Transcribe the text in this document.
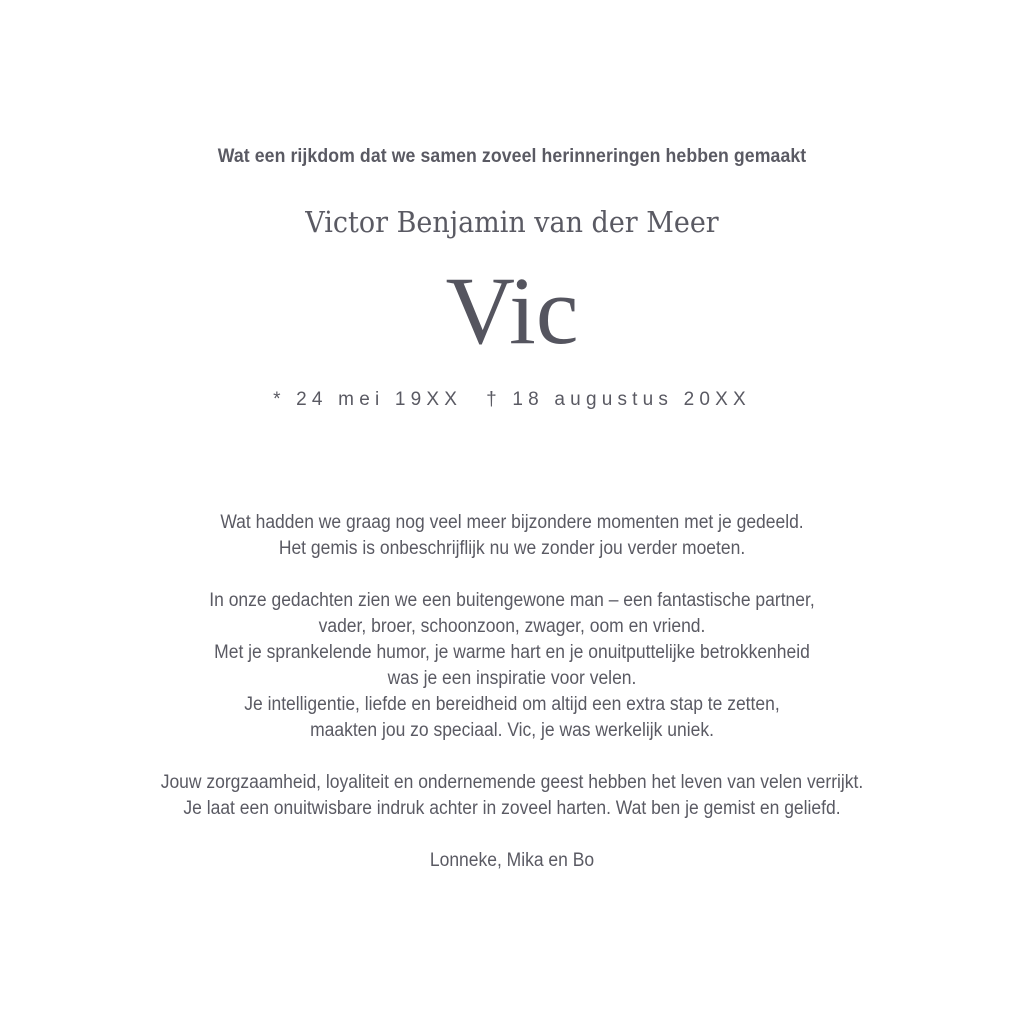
Wat een rijkdom dat we samen zoveel herinneringen hebben gemaakt
Victor Benjamin van der Meer
Vic
* 24 mei 19XX † 18 augustus 20XX

Wat hadden we graag nog veel meer bijzondere momenten met je gedeeld.
Het gemis is onbeschrijflijk nu we zonder jou verder moeten.

In onze gedachten zien we een buitengewone man – een fantastische partner,
vader, broer, schoonzoon, zwager, oom en vriend.
Met je sprankelende humor, je warme hart en je onuitputtelijke betrokkenheid
was je een inspiratie voor velen.
Je intelligentie, liefde en bereidheid om altijd een extra stap te zetten,
maakten jou zo speciaal. Vic, je was werkelijk uniek.

Jouw zorgzaamheid, loyaliteit en ondernemende geest hebben het leven van velen verrijkt.
Je laat een onuitwisbare indruk achter in zoveel harten. Wat ben je gemist en geliefd.

Lonneke, Mika en Bo
